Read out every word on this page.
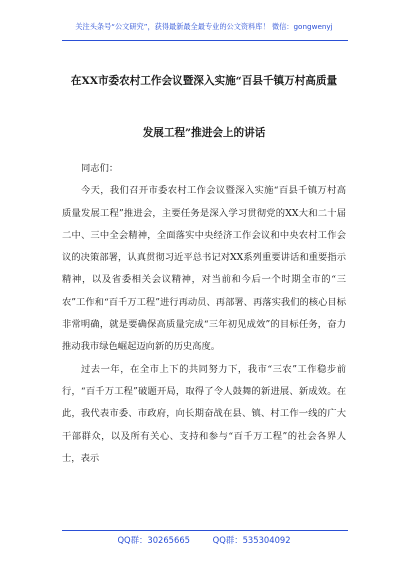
关注头条号“公文研究”，获得最新最全最专业的公文资料库！ 微信：gongwenyj
在XX市委农村工作会议暨深入实施“百县千镇万村高质量
发展工程”推进会上的讲话

同志们：

今天，我们召开市委农村工作会议暨深入实施“百县千镇万村高质量发展工程”推进会，主要任务是深入学习贯彻党的XX大和二十届二中、三中全会精神，全面落实中央经济工作会议和中央农村工作会议的决策部署，认真贯彻习近平总书记对XX系列重要讲话和重要指示精神，以及省委相关会议精神，对当前和今后一个时期全市的“三农”工作和“百千万工程”进行再动员、再部署、再落实我们的核心目标非常明确，就是要确保高质量完成“三年初见成效”的目标任务，奋力推动我市绿色崛起迈向新的历史高度。

过去一年，在全市上下的共同努力下，我市“三农”工作稳步前行，“百千万工程”破题开局，取得了令人鼓舞的新进展、新成效。在此，我代表市委、市政府，向长期奋战在县、镇、村工作一线的广大干部群众，以及所有关心、支持和参与“百千万工程”的社会各界人士，表示

QQ群：30265665	QQ群：535304092
